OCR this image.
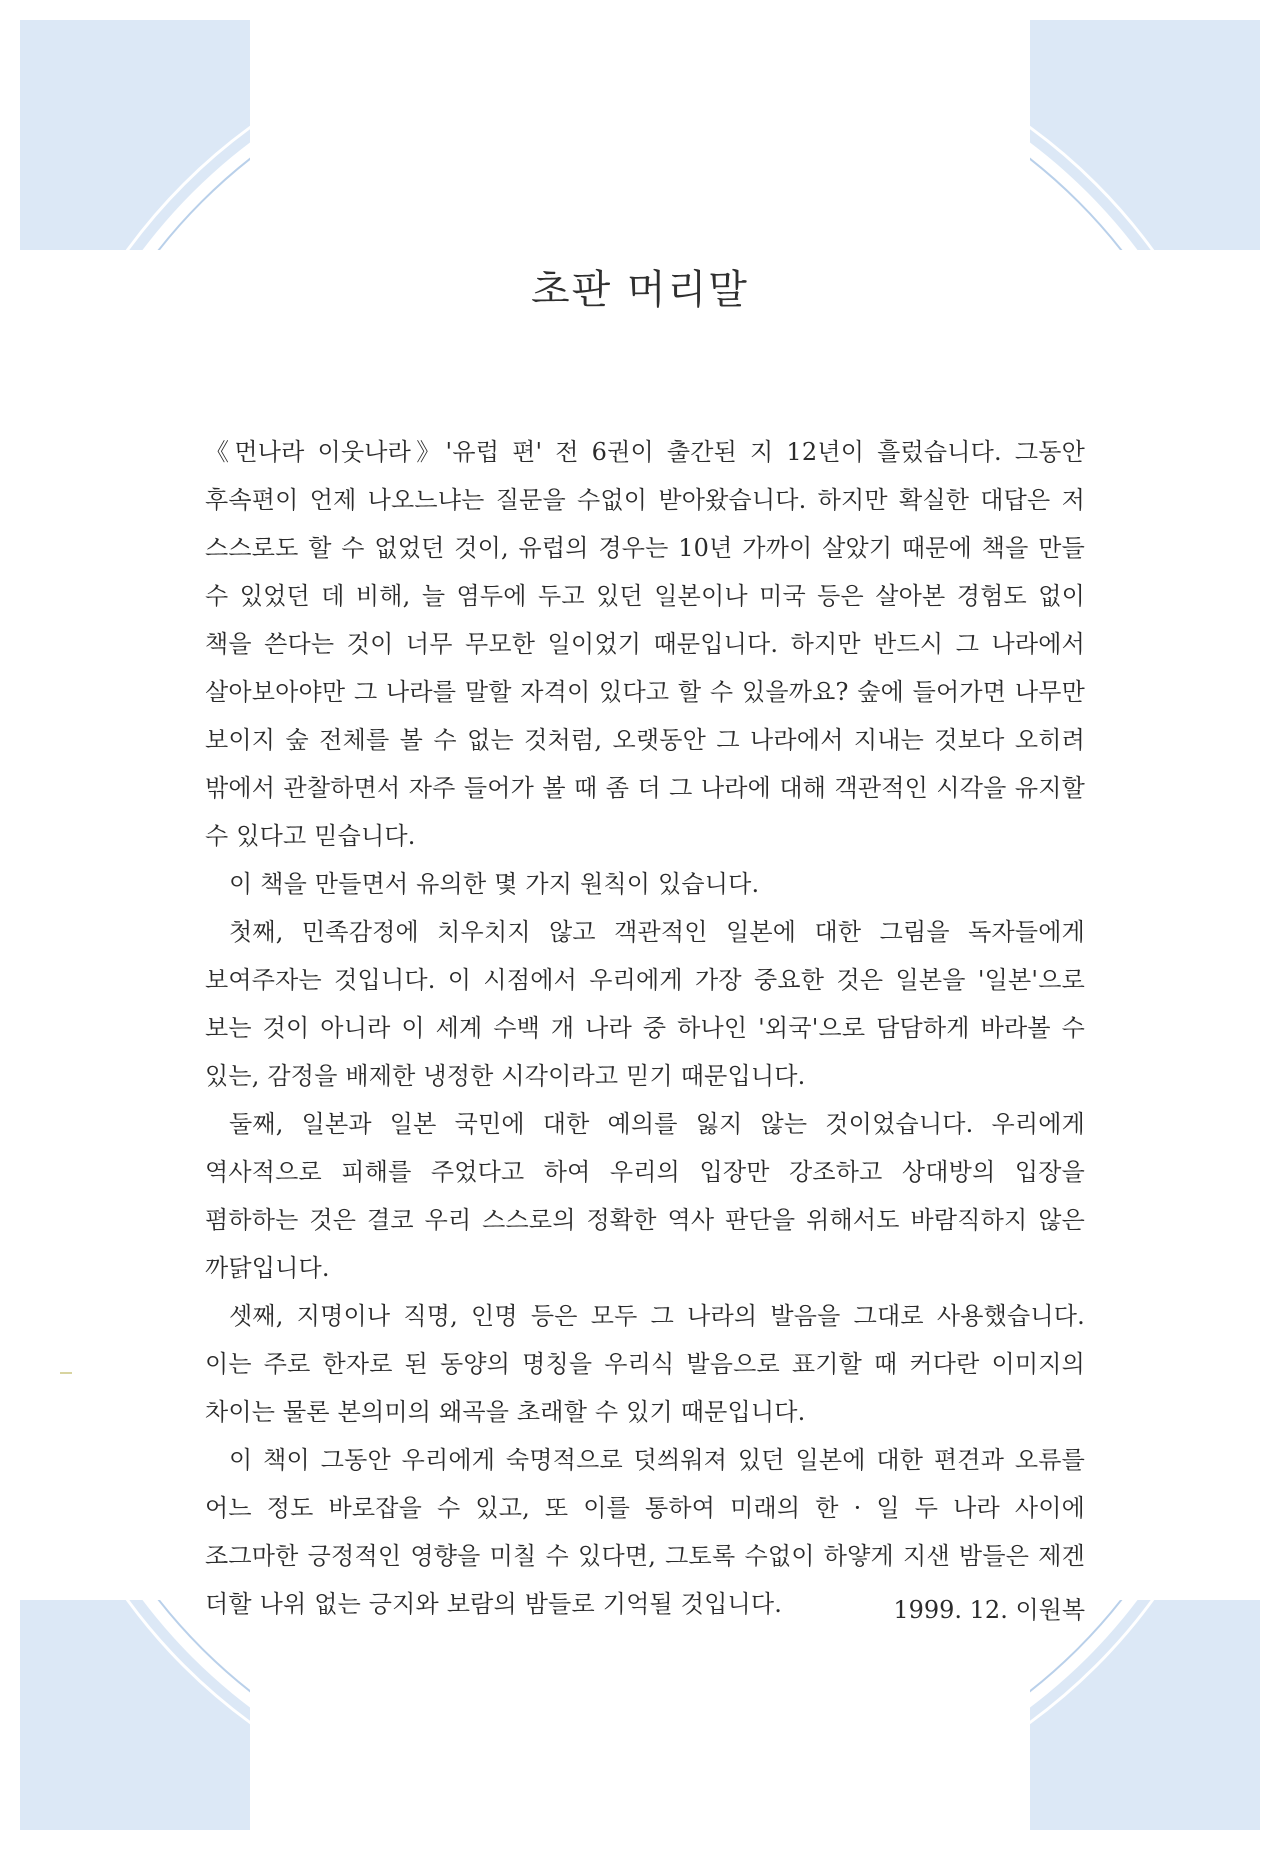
초판 머리말

《먼나라 이웃나라》'유럽 편' 전 6권이 출간된 지 12년이 흘렀습니다. 그동안 후속편이 언제 나오느냐는 질문을 수없이 받아왔습니다. 하지만 확실한 대답은 저 스스로도 할 수 없었던 것이, 유럽의 경우는 10년 가까이 살았기 때문에 책을 만들 수 있었던 데 비해, 늘 염두에 두고 있던 일본이나 미국 등은 살아본 경험도 없이 책을 쓴다는 것이 너무 무모한 일이었기 때문입니다. 하지만 반드시 그 나라에서 살아보아야만 그 나라를 말할 자격이 있다고 할 수 있을까요? 숲에 들어가면 나무만 보이지 숲 전체를 볼 수 없는 것처럼, 오랫동안 그 나라에서 지내는 것보다 오히려 밖에서 관찰하면서 자주 들어가 볼 때 좀 더 그 나라에 대해 객관적인 시각을 유지할 수 있다고 믿습니다.

이 책을 만들면서 유의한 몇 가지 원칙이 있습니다.

첫째, 민족감정에 치우치지 않고 객관적인 일본에 대한 그림을 독자들에게 보여주자는 것입니다. 이 시점에서 우리에게 가장 중요한 것은 일본을 '일본'으로 보는 것이 아니라 이 세계 수백 개 나라 중 하나인 '외국'으로 담담하게 바라볼 수 있는, 감정을 배제한 냉정한 시각이라고 믿기 때문입니다.

둘째, 일본과 일본 국민에 대한 예의를 잃지 않는 것이었습니다. 우리에게 역사적으로 피해를 주었다고 하여 우리의 입장만 강조하고 상대방의 입장을 폄하하는 것은 결코 우리 스스로의 정확한 역사 판단을 위해서도 바람직하지 않은 까닭입니다.

셋째, 지명이나 직명, 인명 등은 모두 그 나라의 발음을 그대로 사용했습니다. 이는 주로 한자로 된 동양의 명칭을 우리식 발음으로 표기할 때 커다란 이미지의 차이는 물론 본의미의 왜곡을 초래할 수 있기 때문입니다.

이 책이 그동안 우리에게 숙명적으로 덧씌워져 있던 일본에 대한 편견과 오류를 어느 정도 바로잡을 수 있고, 또 이를 통하여 미래의 한 · 일 두 나라 사이에 조그마한 긍정적인 영향을 미칠 수 있다면, 그토록 수없이 하얗게 지샌 밤들은 제겐 더할 나위 없는 긍지와 보람의 밤들로 기억될 것입니다.	1999. 12. 이원복
